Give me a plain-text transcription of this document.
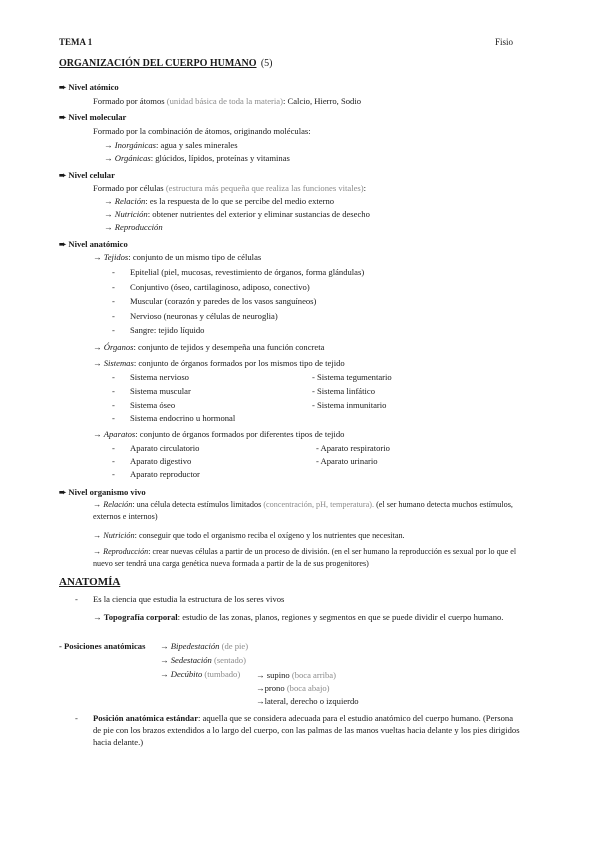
TEMA 1	Fisio
ORGANIZACIÓN DEL CUERPO HUMANO (5)
➨ Nivel atómico
Formado por átomos (unidad básica de toda la materia): Calcio, Hierro, Sodio
➨ Nivel molecular
Formado por la combinación de átomos, originando moléculas:
→ Inorgánicas: agua y sales minerales
→ Orgánicas: glúcidos, lípidos, proteínas y vitaminas
➨ Nivel celular
Formado por células (estructura más pequeña que realiza las funciones vitales):
→ Relación: es la respuesta de lo que se percibe del medio externo
→ Nutrición: obtener nutrientes del exterior y eliminar sustancias de desecho
→ Reproducción
➨ Nivel anatómico
→ Tejidos: conjunto de un mismo tipo de células
- Epitelial (piel, mucosas, revestimiento de órganos, forma glándulas)
- Conjuntivo (óseo, cartilaginoso, adiposo, conectivo)
- Muscular (corazón y paredes de los vasos sanguíneos)
- Nervioso (neuronas y células de neuroglia)
- Sangre: tejido líquido
→ Órganos: conjunto de tejidos y desempeña una función concreta
→ Sistemas: conjunto de órganos formados por los mismos tipo de tejido
- Sistema nervioso
- Sistema muscular
- Sistema óseo
- Sistema endocrino u hormonal
- Sistema tegumentario
- Sistema linfático
- Sistema inmunitario
→ Aparatos: conjunto de órganos formados por diferentes tipos de tejido
- Aparato circulatorio
- Aparato digestivo
- Aparato reproductor
- Aparato respiratorio
- Aparato urinario
➨ Nivel organismo vivo
→ Relación: una célula detecta estímulos limitados (concentración, pH, temperatura). (el ser humano detecta muchos estímulos, externos e internos)
→ Nutrición: conseguir que todo el organismo reciba el oxígeno y los nutrientes que necesitan.
→ Reproducción: crear nuevas células a partir de un proceso de división. (en el ser humano la reproducción es sexual por lo que el nuevo ser tendrá una carga genética nueva formada a partir de la de sus progenitores)
ANATOMÍA
- Es la ciencia que estudia la estructura de los seres vivos
→ Topografía corporal: estudio de las zonas, planos, regiones y segmentos en que se puede dividir el cuerpo humano.
- Posiciones anatómicas → Bipedestación (de pie)
→ Sedestación (sentado)
→ Decúbito (tumbado) → supino (boca arriba)
→prono (boca abajo)
→lateral, derecho o izquierdo
- Posición anatómica estándar: aquella que se considera adecuada para el estudio anatómico del cuerpo humano. (Persona de pie con los brazos extendidos a lo largo del cuerpo, con las palmas de las manos vueltas hacia delante y los pies dirigidos hacia delante.)
